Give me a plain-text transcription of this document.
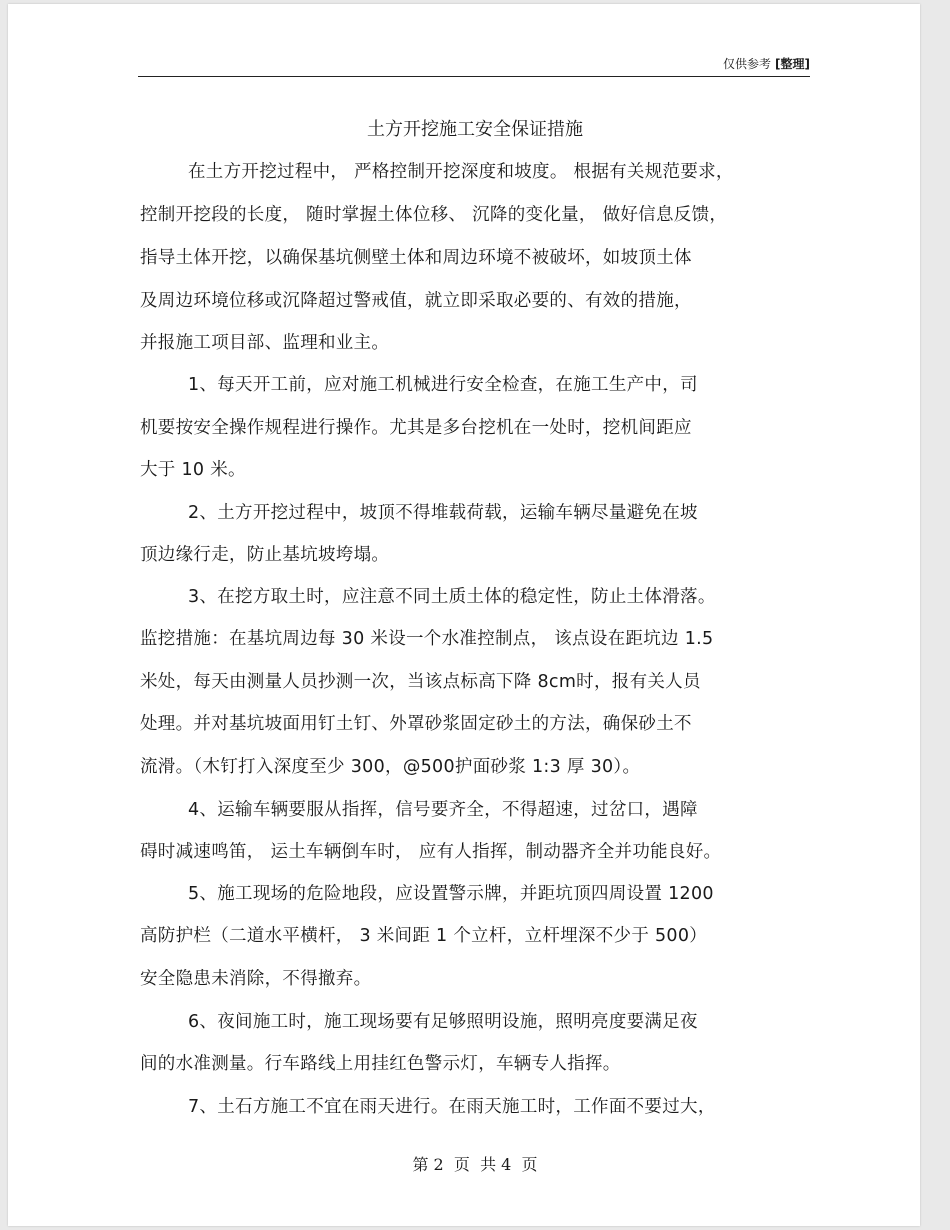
仅供参考 [整理]
土方开挖施工安全保证措施
在土方开挖过程中， 严格控制开挖深度和坡度。 根据有关规范要求，
控制开挖段的长度， 随时掌握土体位移、 沉降的变化量， 做好信息反馈，
指导土体开挖，以确保基坑侧壁土体和周边环境不被破坏，如坡顶土体
及周边环境位移或沉降超过警戒值，就立即采取必要的、有效的措施，
并报施工项目部、监理和业主。
1、每天开工前，应对施工机械进行安全检查，在施工生产中，司
机要按安全操作规程进行操作。尤其是多台挖机在一处时，挖机间距应
大于 10 米。
2、土方开挖过程中，坡顶不得堆载荷载，运输车辆尽量避免在坡
顶边缘行走，防止基坑坡垮塌。
3、在挖方取土时，应注意不同土质土体的稳定性，防止土体滑落。
监挖措施：在基坑周边每 30 米设一个水准控制点， 该点设在距坑边 1.5
米处，每天由测量人员抄测一次，当该点标高下降 8cm时，报有关人员
处理。并对基坑坡面用钉土钉、外罩砂浆固定砂土的方法，确保砂土不
流滑。（木钉打入深度至少 300，@500护面砂浆 1:3 厚 30）。
4、运输车辆要服从指挥，信号要齐全，不得超速，过岔口，遇障
碍时减速鸣笛， 运土车辆倒车时， 应有人指挥，制动器齐全并功能良好。
5、施工现场的危险地段，应设置警示牌，并距坑顶四周设置 1200
高防护栏（二道水平横杆， 3 米间距 1 个立杆，立杆埋深不少于 500）
安全隐患未消除，不得撤弃。
6、夜间施工时，施工现场要有足够照明设施，照明亮度要满足夜
间的水准测量。行车路线上用挂红色警示灯，车辆专人指挥。
7、土石方施工不宜在雨天进行。在雨天施工时，工作面不要过大，
第 2  页  共 4  页
